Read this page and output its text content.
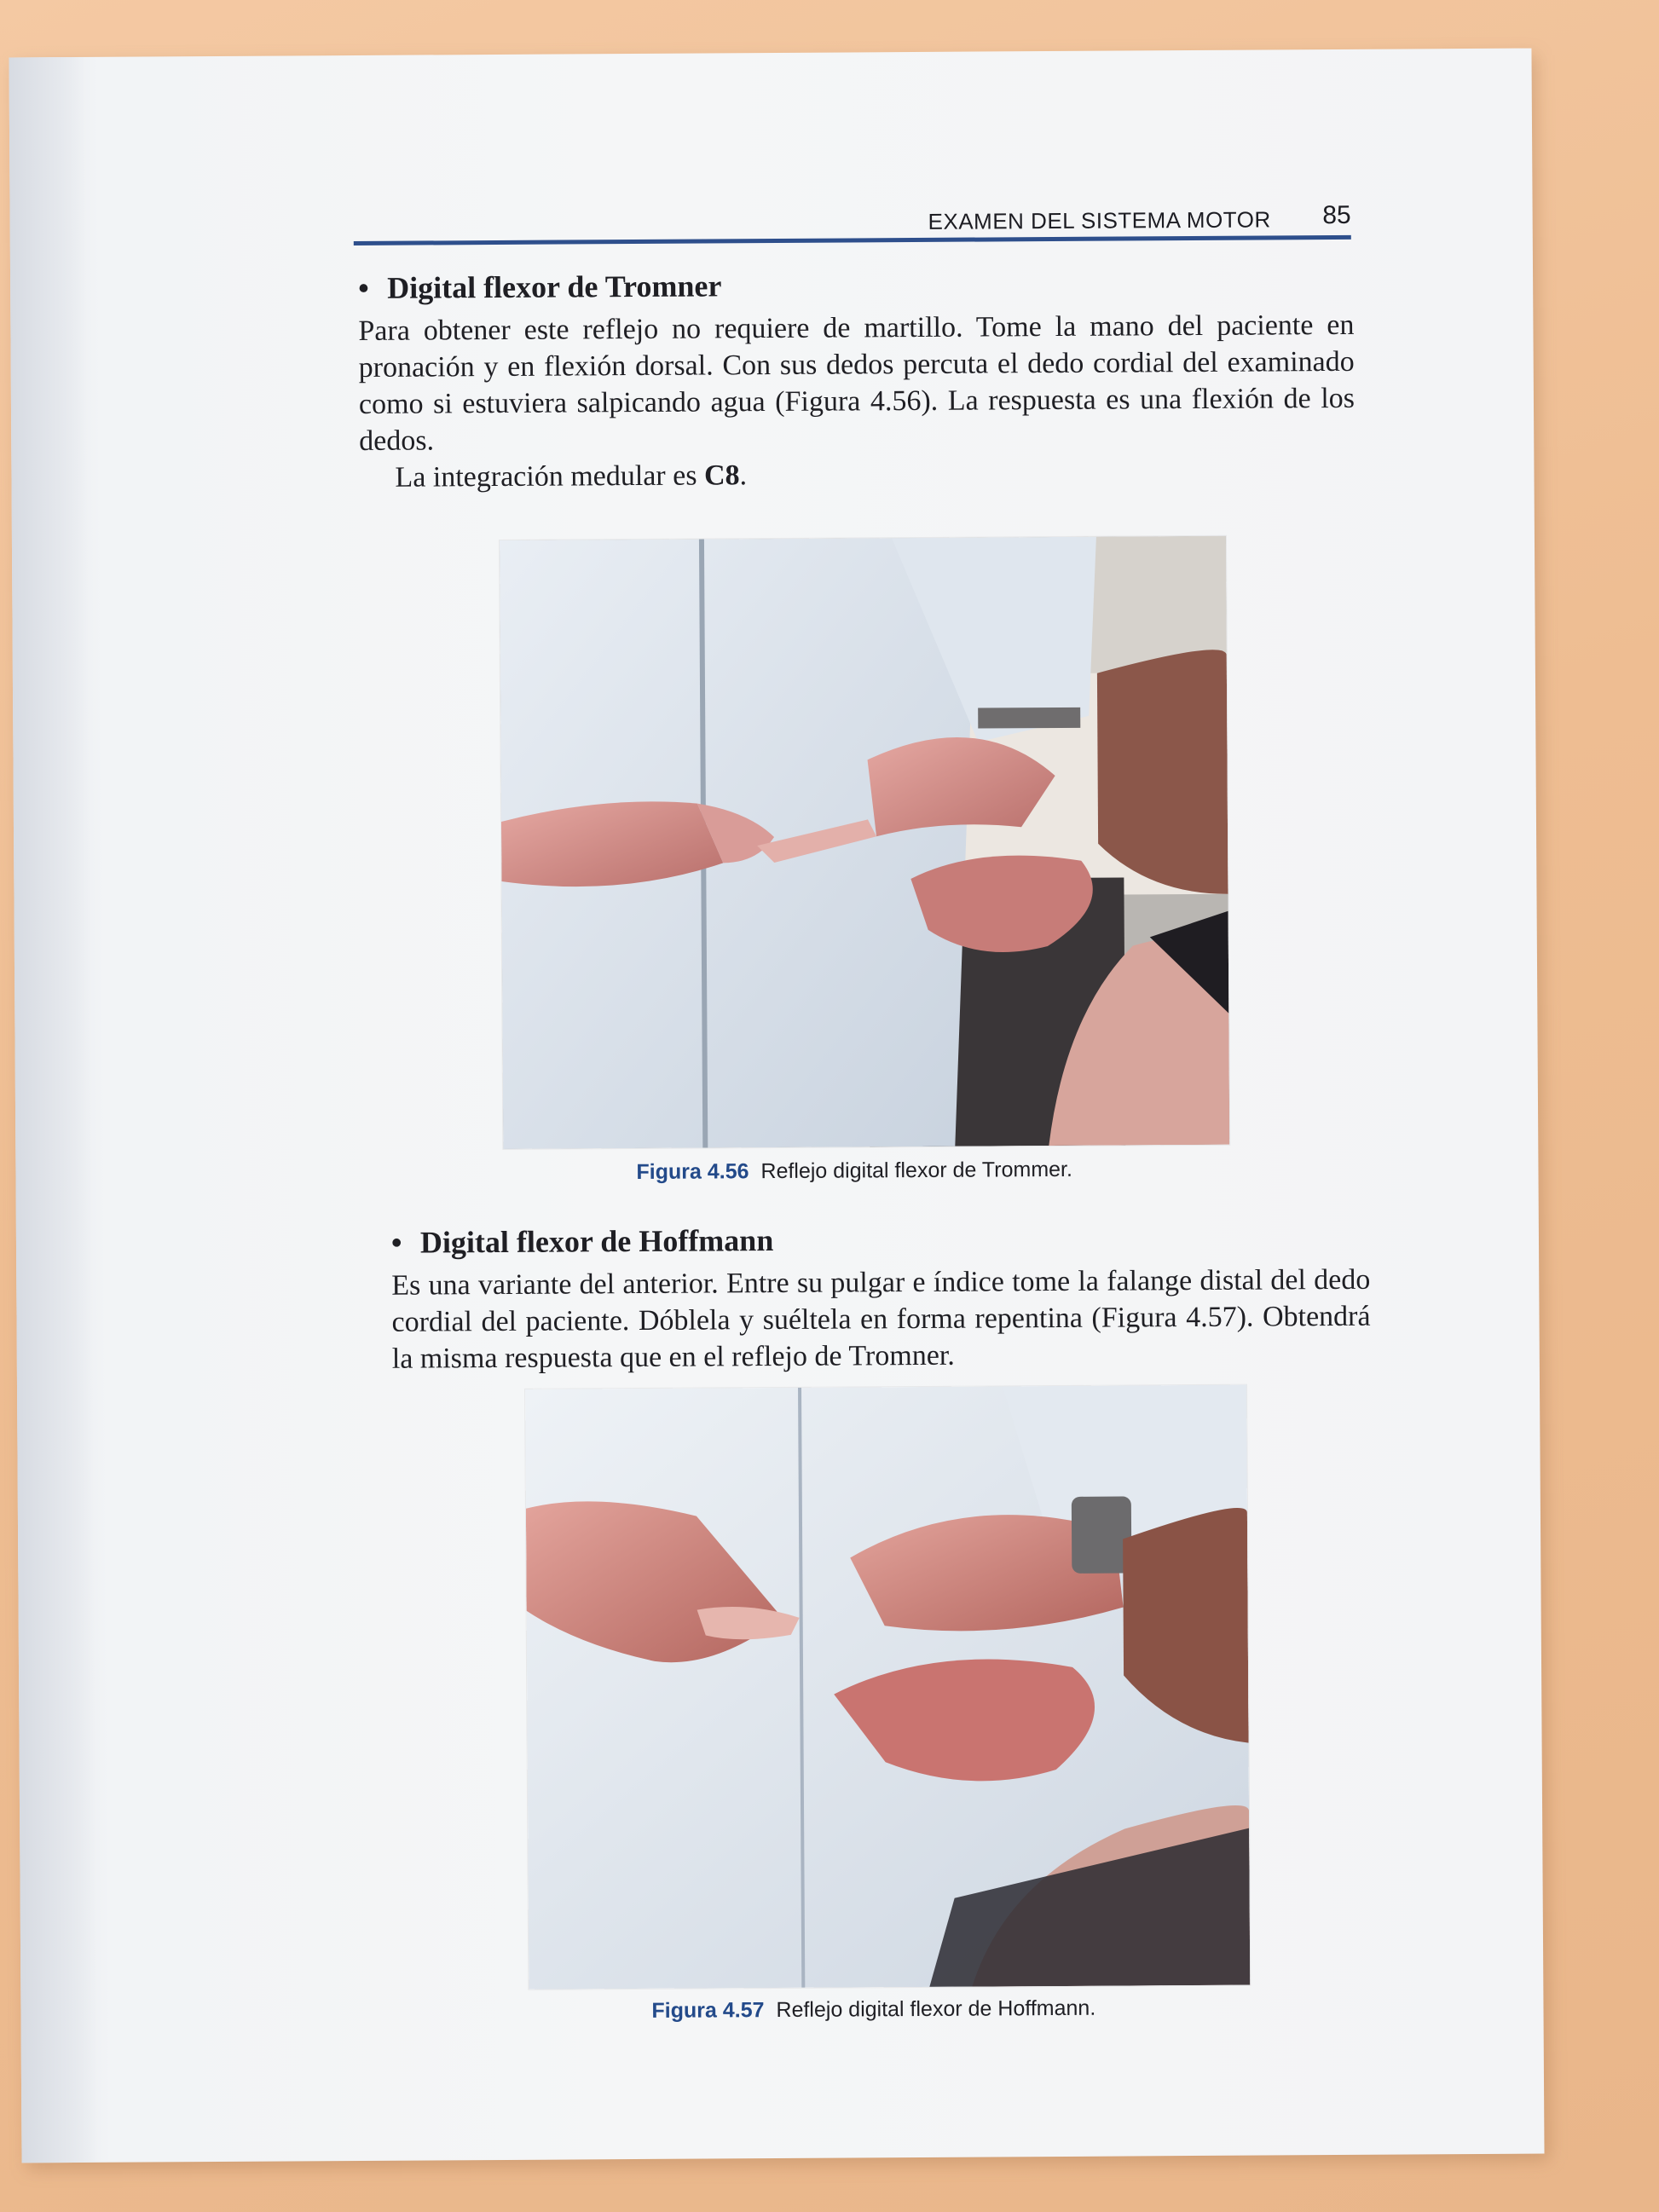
EXAMEN DEL SISTEMA MOTOR 85

• Digital flexor de Tromner

Para obtener este reflejo no requiere de martillo. Tome la mano del paciente en pronación y en flexión dorsal. Con sus dedos percuta el dedo cordial del examinado como si estuviera salpicando agua (Figura 4.56). La respuesta es una flexión de los dedos.

La integración medular es C8.

Figura 4.56 Reflejo digital flexor de Trommer.

• Digital flexor de Hoffmann

Es una variante del anterior. Entre su pulgar e índice tome la falange distal del dedo cordial del paciente. Dóblela y suéltela en forma repentina (Figura 4.57). Obtendrá la misma respuesta que en el reflejo de Tromner.

Figura 4.57 Reflejo digital flexor de Hoffmann.
